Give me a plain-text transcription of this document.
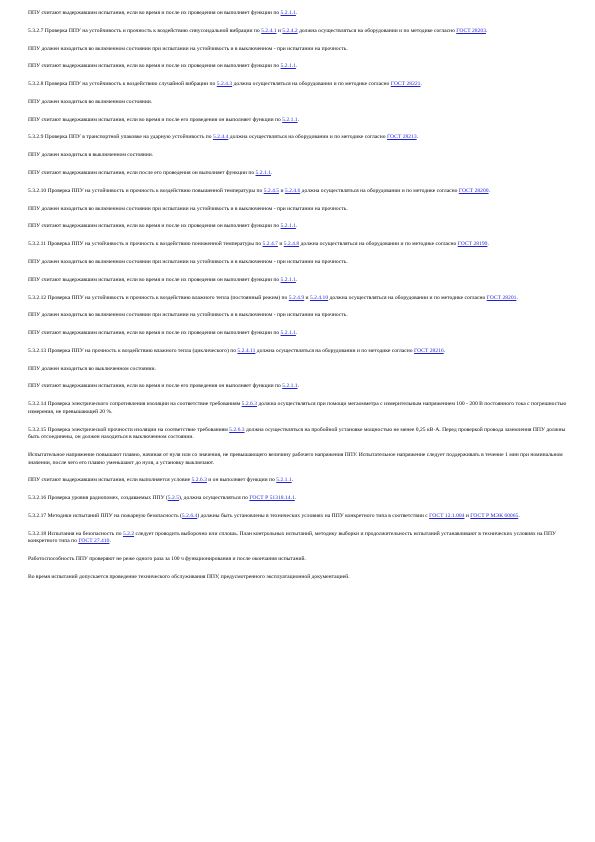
ППУ считают выдержавшим испытания, если во время и после их проведения он выполняет функции по 5.2.1.1.

5.3.2.7 Проверка ППУ на устойчивость и прочность к воздействию синусоидальной вибрации по 5.2.4.1 и 5.2.4.2 должна осуществляться на оборудовании и по методике согласно ГОСТ 28203.

ППУ должен находиться во включенном состоянии при испытании на устойчивость и в выключенном - при испытании на прочность.

ППУ считают выдержавшим испытания, если во время и после их проведения он выполняет функции по 5.2.1.1.

5.3.2.8 Проверка ППУ на устойчивость к воздействию случайной вибрации по 5.2.4.3 должна осуществляться на оборудовании и по методике согласно ГОСТ 28221.

ППУ должен находиться во включенном состоянии.

ППУ считают выдержавшим испытания, если во время и после его проведения он выполняет функции по 5.2.1.1.

5.3.2.9 Проверка ППУ в транспортной упаковке на ударную устойчивость по 5.2.4.4 должна осуществляться на оборудовании и по методике согласно ГОСТ 28213.

ППУ должен находиться в выключенном состоянии.

ППУ считают выдержавшим испытания, если после его проведения он выполняет функции по 5.2.1.1.

5.3.2.10 Проверка ППУ на устойчивость и прочность к воздействию повышенной температуры по 5.2.4.5 и 5.2.4.6 должна осуществляться на оборудовании и по методике согласно ГОСТ 28200.

ППУ должен находиться во включенном состоянии при испытании на устойчивость и в выключенном - при испытании на прочность.

ППУ считают выдержавшим испытания, если во время и после их проведения он выполняет функции по 5.2.1.1.

5.3.2.11 Проверка ППУ на устойчивость и прочность к воздействию пониженной температуры по 5.2.4.7 и 5.2.4.8 должна осуществляться на оборудовании и по методике согласно ГОСТ 28199.

ППУ должен находиться во включенном состоянии при испытании на устойчивость и в выключенном - при испытании на прочность.

ППУ считают выдержавшим испытания, если во время и после их проведения он выполняет функции по 5.2.1.1.

5.3.2.12 Проверка ППУ на устойчивость и прочность к воздействию влажного тепла (постоянный режим) по 5.2.4.9 и 5.2.4.10 должна осуществляться на оборудовании и по методике согласно ГОСТ 28201.

ППУ должен находиться во включенном состоянии при испытании на устойчивость и в выключенном - при испытании на прочность.

ППУ считают выдержавшим испытания, если во время и после их проведения он выполняет функции по 5.2.1.1.

5.3.2.13 Проверка ППУ на прочность к воздействию влажного тепла (циклического) по 5.2.4.11 должна осуществляться на оборудовании и по методике согласно ГОСТ 28216.

ППУ должен находиться во выключенном состоянии.

ППУ считают выдержавшим испытания, если во время и после его проведения он выполняет функции по 5.2.1.1.

5.3.2.14 Проверка электрического сопротивления изоляции на соответствие требованиям 5.2.6.3 должна осуществляться при помощи мегаомметра с измерительным напряжением 100 - 200 В постоянного тока с погрешностью измерения, не превышающей 20 %.

5.3.2.15 Проверка электрической прочности изоляции на соответствие требованиям 5.2.6.3 должна осуществляться на пробойной установке мощностью не менее 0,25 кВ·А. Перед проверкой провода заземления ППУ должны быть отсоединены, он должен находиться в выключенном состоянии.

Испытательное напряжение повышают плавно, начиная от нуля или со значения, не превышающего величину рабочего напряжения ППУ. Испытательное напряжение следует поддерживать в течение 1 мин при номинальном значении, после чего его плавно уменьшают до нуля, а установку выключают.

ППУ считают выдержавшим испытания, если выполняется условие 5.2.6.3 и он выполняет функции по 5.2.1.1.

5.3.2.16 Проверка уровня радиопомех, создаваемых ППУ (5.2.5), должна осуществляться по ГОСТ Р 51318.14.1.

5.3.2.17 Методики испытаний ППУ на пожарную безопасность (5.2.6.4) должны быть установлены в технических условиях на ППУ конкретного типа в соответствии с ГОСТ 12.1.004 и ГОСТ Р МЭК 60065.

5.3.2.18 Испытания на безопасность по 5.2.2 следует проводить выборочно или сплошь. План контрольных испытаний, методику выборки и продолжительность испытаний устанавливают в технических условиях на ППУ конкретного типа по ГОСТ 27.410.

Работоспособность ППУ проверяют не реже одного раза за 100 ч функционирования и после окончания испытаний.

Во время испытаний допускается проведение технического обслуживания ППУ, предусмотренного эксплуатационной документацией.
